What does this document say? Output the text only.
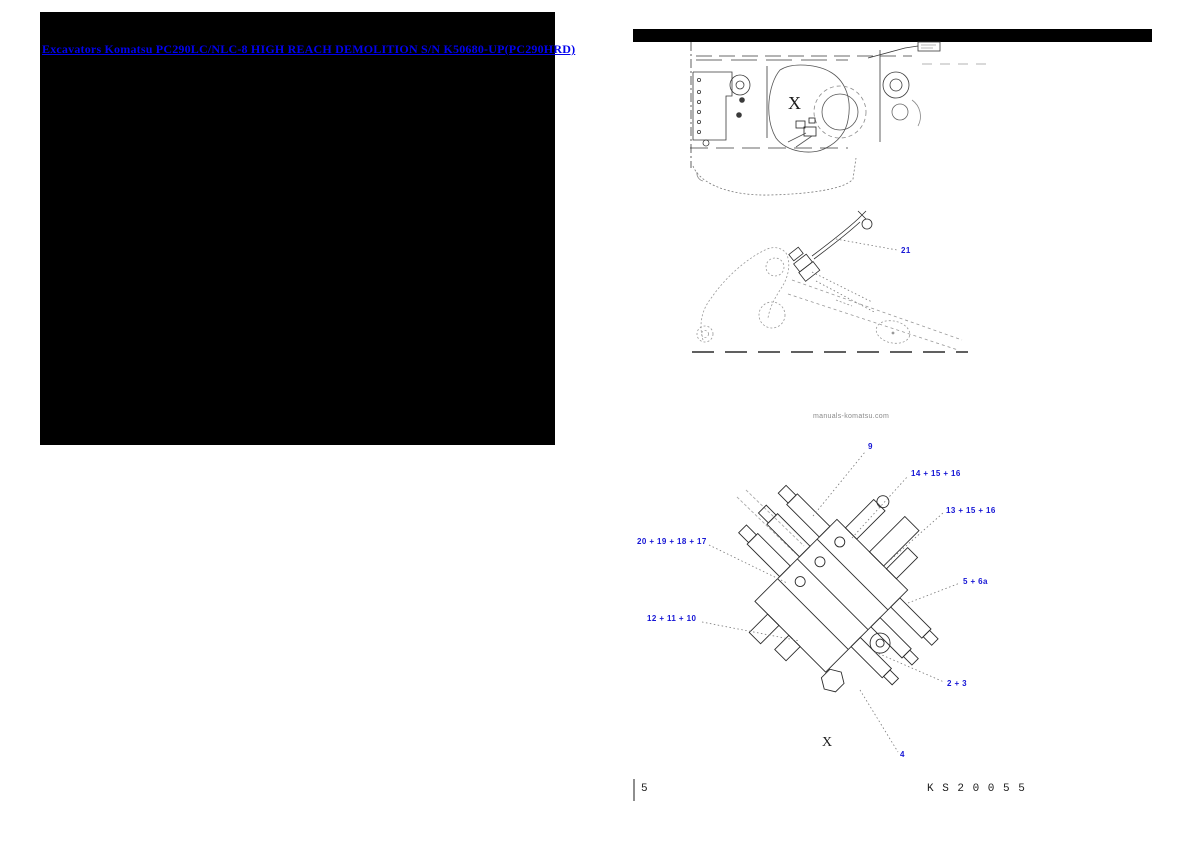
Excavators Komatsu PC290LC/NLC-8 HIGH REACH DEMOLITION S/N K50680-UP(PC290HRD)
X
X
manuals-komatsu.com
21
9
14 + 15 + 16
13 + 15 + 16
20 + 19 + 18 + 17
5 + 6a
12 + 11 + 10
2 + 3
4
5	K S 2 0 0 5 5
